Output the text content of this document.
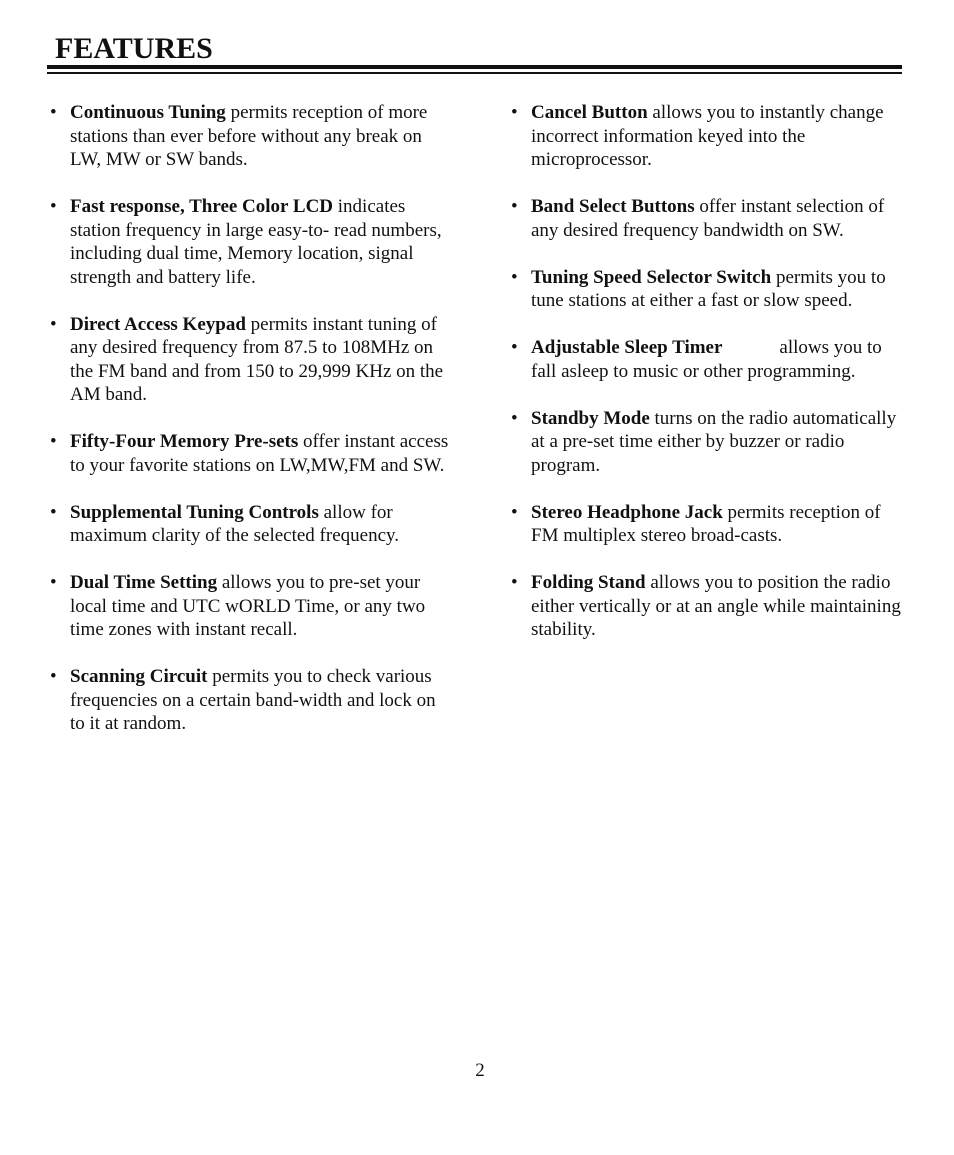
FEATURES

• Continuous Tuning permits reception of more stations than ever before without any break on LW, MW or SW bands.

• Fast response, Three Color LCD indicates station frequency in large easy-to- read numbers, including dual time, Memory location, signal strength and battery life.

• Direct Access Keypad permits instant tuning of any desired frequency from 87.5 to 108MHz on the FM band and from 150 to 29,999 KHz on the AM band.

• Fifty-Four Memory Pre-sets offer instant access to your favorite stations on LW,MW,FM and SW.

• Supplemental Tuning Controls allow for maximum clarity of the selected frequency.

• Dual Time Setting allows you to pre-set your local time and UTC wORLD Time, or any two time zones with instant recall.

• Scanning Circuit permits you to check various frequencies on a certain band-width and lock on to it at random.

• Cancel Button allows you to instantly change incorrect information keyed into the microprocessor.

• Band Select Buttons offer instant selection of any desired frequency bandwidth on SW.

• Tuning Speed Selector Switch permits you to tune stations at either a fast or slow speed.

• Adjustable Sleep Timer            allows you to fall asleep to music or other programming.

• Standby Mode turns on the radio automatically at a pre-set time either by buzzer or radio program.

• Stereo Headphone Jack permits reception of FM multiplex stereo broad-casts.

• Folding Stand allows you to position the radio either vertically or at an angle while maintaining stability.

2
